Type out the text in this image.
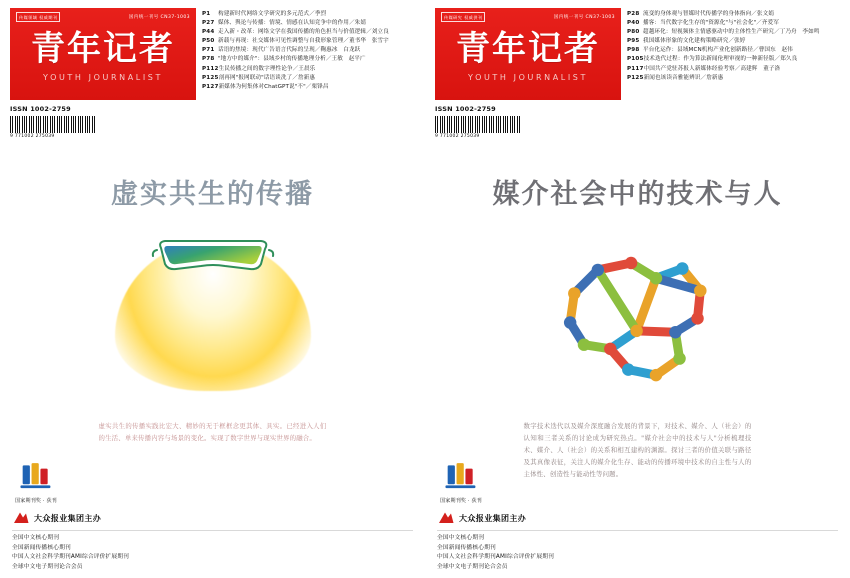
传媒领域 权威期刊	国内统一刊号 CN37-1003
青年记者
YOUTH JOURNALIST
ISSN 1002-2759
9 771002 275039
P1	构建新时代网络文学研究的多元范式／季烈
P27 媒体、舆论与传播：情境、情感在认知竞争中的作用／朱婧
P44 走入新・改革：网络文学在我国传播的角色担当与价值逻辑／刘立良
P50 新载与再现：社交媒体可见性调整与自我形象管理／董书华　张雪宇
P71 话语的焦境：现代广告语言代际的呈现／鞠惠冰　白龙跃
P78 "地方中的媒介"：县域乡村的传播地理分析／王敏　赵平广
P112 生民传播之间的数字理性论争／王晨乐
P125 剖再网"报网联动"话语谈洗了／詹新惠
P127 新媒体为何集体对ChatGPT说"不"／栗锋昌
虚实共生的传播
虚实共生的传播实践比宏大、精妙的无于框框念更其体、具实。已经进入人们的生活、单来传播内容与场景的变化。实现了数字世界与现实世界的融合。
国家期刊奖 · 获刊
大众报业集团主办
全国中文核心期刊
全国新闻传播核心期刊
中国人文社会科学期刊AMI综合评价扩展期刊
全球中文电子期刊论合会员
传媒研究 权威供刊	国内统一刊号 CN37-1003
青年记者
YOUTH JOURNALIST
ISSN 1002-2759
9 771002 275039
P28 流变的身体观与智媒时代传播学的身体指向／张文娟
P40 播客：当代数字化生存的"资源化"与"社会化"／齐爱军
P80 超越环化：短视频体主情感驱动中的主体性生产研究／丁乃舟　李如鸣
P95 我国媒体形象的文化建构策略研究／张婷
P98 平台化运作：县域MCN机构产业化创新路径／曹国东　赵伟
P105 技术迭代过程：作为算法新闻伦理审视的一种新径版／郑久良
P117 中国共产党驻苏报人新媒体经验考察／高建辉　董子洛
P125 新闻也该读音雅能辨识／詹新惠
媒介社会中的技术与人
数字技术迭代以及媒介深度融合发展的背景下，对技术、媒介、人（社会）的认知和三者关系的讨论成为研究热点。"媒介社会中的技术与人"分析梳理技术、媒介、人（社会）的关系和相互建构的渊源。探讨三者的价值关联与路径及其真像表征，关注人的媒介化生存、能动的传播环境中技术的自主性与人的主体性、创造性与能动性等问题。
国家期刊奖 · 获刊
大众报业集团主办
全国中文核心期刊
全国新闻传播核心期刊
中国人文社会科学期刊AMI综合评价扩展期刊
全球中文电子期刊论合会员
